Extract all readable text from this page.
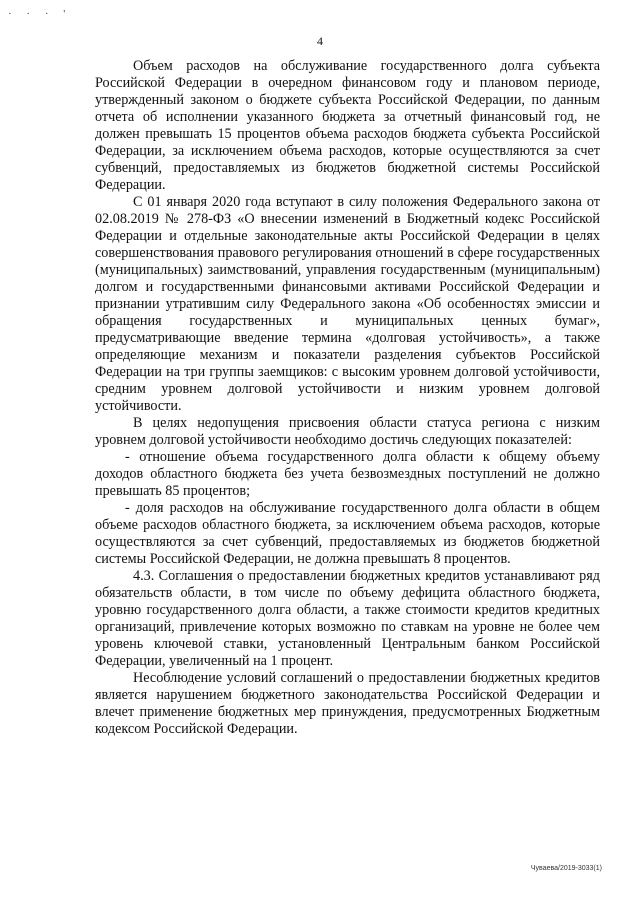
· · · '
4

Объем расходов на обслуживание государственного долга субъекта Российской Федерации в очередном финансовом году и плановом периоде, утвержденный законом о бюджете субъекта Российской Федерации, по данным отчета об исполнении указанного бюджета за отчетный финансовый год, не должен превышать 15 процентов объема расходов бюджета субъекта Российской Федерации, за исключением объема расходов, которые осуществляются за счет субвенций, предоставляемых из бюджетов бюджетной системы Российской Федерации.

С 01 января 2020 года вступают в силу положения Федерального закона от 02.08.2019 № 278-ФЗ «О внесении изменений в Бюджетный кодекс Российской Федерации и отдельные законодательные акты Российской Федерации в целях совершенствования правового регулирования отношений в сфере государственных (муниципальных) заимствований, управления государственным (муниципальным) долгом и государственными финансовыми активами Российской Федерации и признании утратившим силу Федерального закона «Об особенностях эмиссии и обращения государственных и муниципальных ценных бумаг», предусматривающие введение термина «долговая устойчивость», а также определяющие механизм и показатели разделения субъектов Российской Федерации на три группы заемщиков: с высоким уровнем долговой устойчивости, средним уровнем долговой устойчивости и низким уровнем долговой устойчивости.

В целях недопущения присвоения области статуса региона с низким уровнем долговой устойчивости необходимо достичь следующих показателей:

- отношение объема государственного долга области к общему объему доходов областного бюджета без учета безвозмездных поступлений не должно превышать 85 процентов;

- доля расходов на обслуживание государственного долга области в общем объеме расходов областного бюджета, за исключением объема расходов, которые осуществляются за счет субвенций, предоставляемых из бюджетов бюджетной системы Российской Федерации, не должна превышать 8 процентов.

4.3. Соглашения о предоставлении бюджетных кредитов устанавливают ряд обязательств области, в том числе по объему дефицита областного бюджета, уровню государственного долга области, а также стоимости кредитов кредитных организаций, привлечение которых возможно по ставкам на уровне не более чем уровень ключевой ставки, установленный Центральным банком Российской Федерации, увеличенный на 1 процент.

Несоблюдение условий соглашений о предоставлении бюджетных кредитов является нарушением бюджетного законодательства Российской Федерации и влечет применение бюджетных мер принуждения, предусмотренных Бюджетным кодексом Российской Федерации.

Чуваева/2019-3033(1)
